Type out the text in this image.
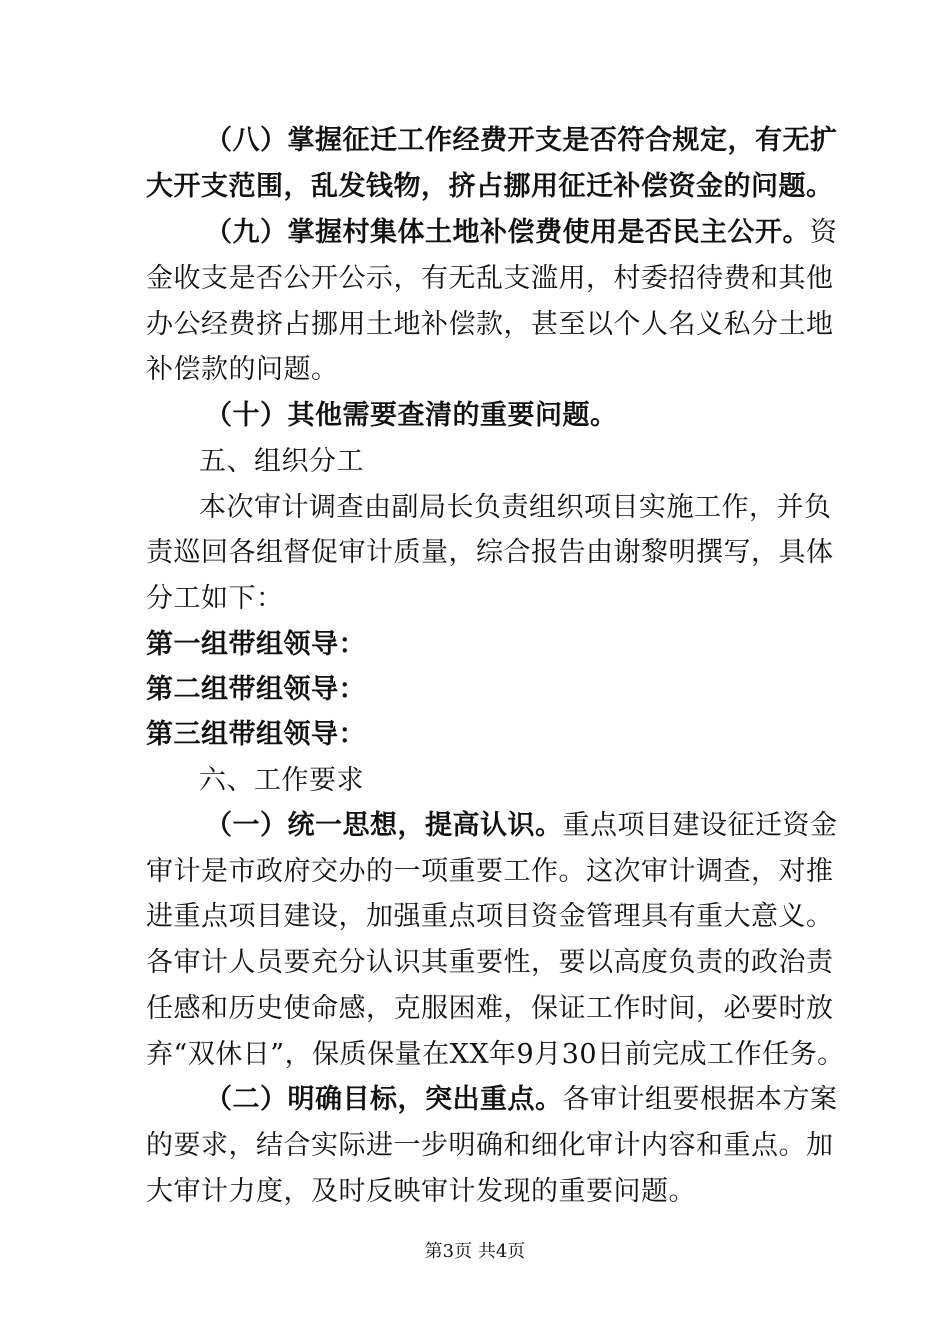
（八）掌握征迁工作经费开支是否符合规定，有无扩
大开支范围，乱发钱物，挤占挪用征迁补偿资金的问题。
（九）掌握村集体土地补偿费使用是否民主公开。资
金收支是否公开公示，有无乱支滥用，村委招待费和其他
办公经费挤占挪用土地补偿款，甚至以个人名义私分土地
补偿款的问题。
（十）其他需要查清的重要问题。
五、组织分工
本次审计调查由副局长负责组织项目实施工作，并负
责巡回各组督促审计质量，综合报告由谢黎明撰写，具体
分工如下：
第一组带组领导：
第二组带组领导：
第三组带组领导：
六、工作要求
（一）统一思想，提高认识。重点项目建设征迁资金
审计是市政府交办的一项重要工作。这次审计调查，对推
进重点项目建设，加强重点项目资金管理具有重大意义。
各审计人员要充分认识其重要性，要以高度负责的政治责
任感和历史使命感，克服困难，保证工作时间，必要时放
弃“双休日”，保质保量在XX年9月30日前完成工作任务。
（二）明确目标，突出重点。各审计组要根据本方案
的要求，结合实际进一步明确和细化审计内容和重点。加
大审计力度，及时反映审计发现的重要问题。
第3页 共4页
